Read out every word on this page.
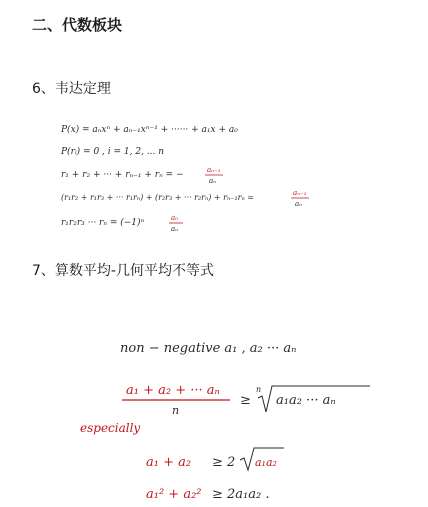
二、代数板块
6、韦达定理
P(x) = aₙxⁿ + aₙ₋₁xⁿ⁻¹ + ······ + a₁x + a₀
P(rᵢ) = 0 , i = 1, 2, ... n
r₁ + r₂ + ··· + rₙ₋₁ + rₙ = −	aₙ₋₁
aₙ
(r₁r₂ + r₁r₃ + ··· r₁rₙ) + (r₂r₃ + ··· r₂rₙ) + rₙ₋₁rₙ =	aₙ₋₂
aₙ
r₁r₂r₃ ··· rₙ = (−1)ⁿ	a₀
aₙ
7、算数平均-几何平均不等式
non − negative a₁ , a₂ ··· aₙ
a₁ + a₂ + ··· aₙ
n
≥
n
a₁a₂ ··· aₙ
especially
a₁ + a₂ ≥ 2 a₁a₂
a₁² + a₂² ≥ 2a₁a₂ .
